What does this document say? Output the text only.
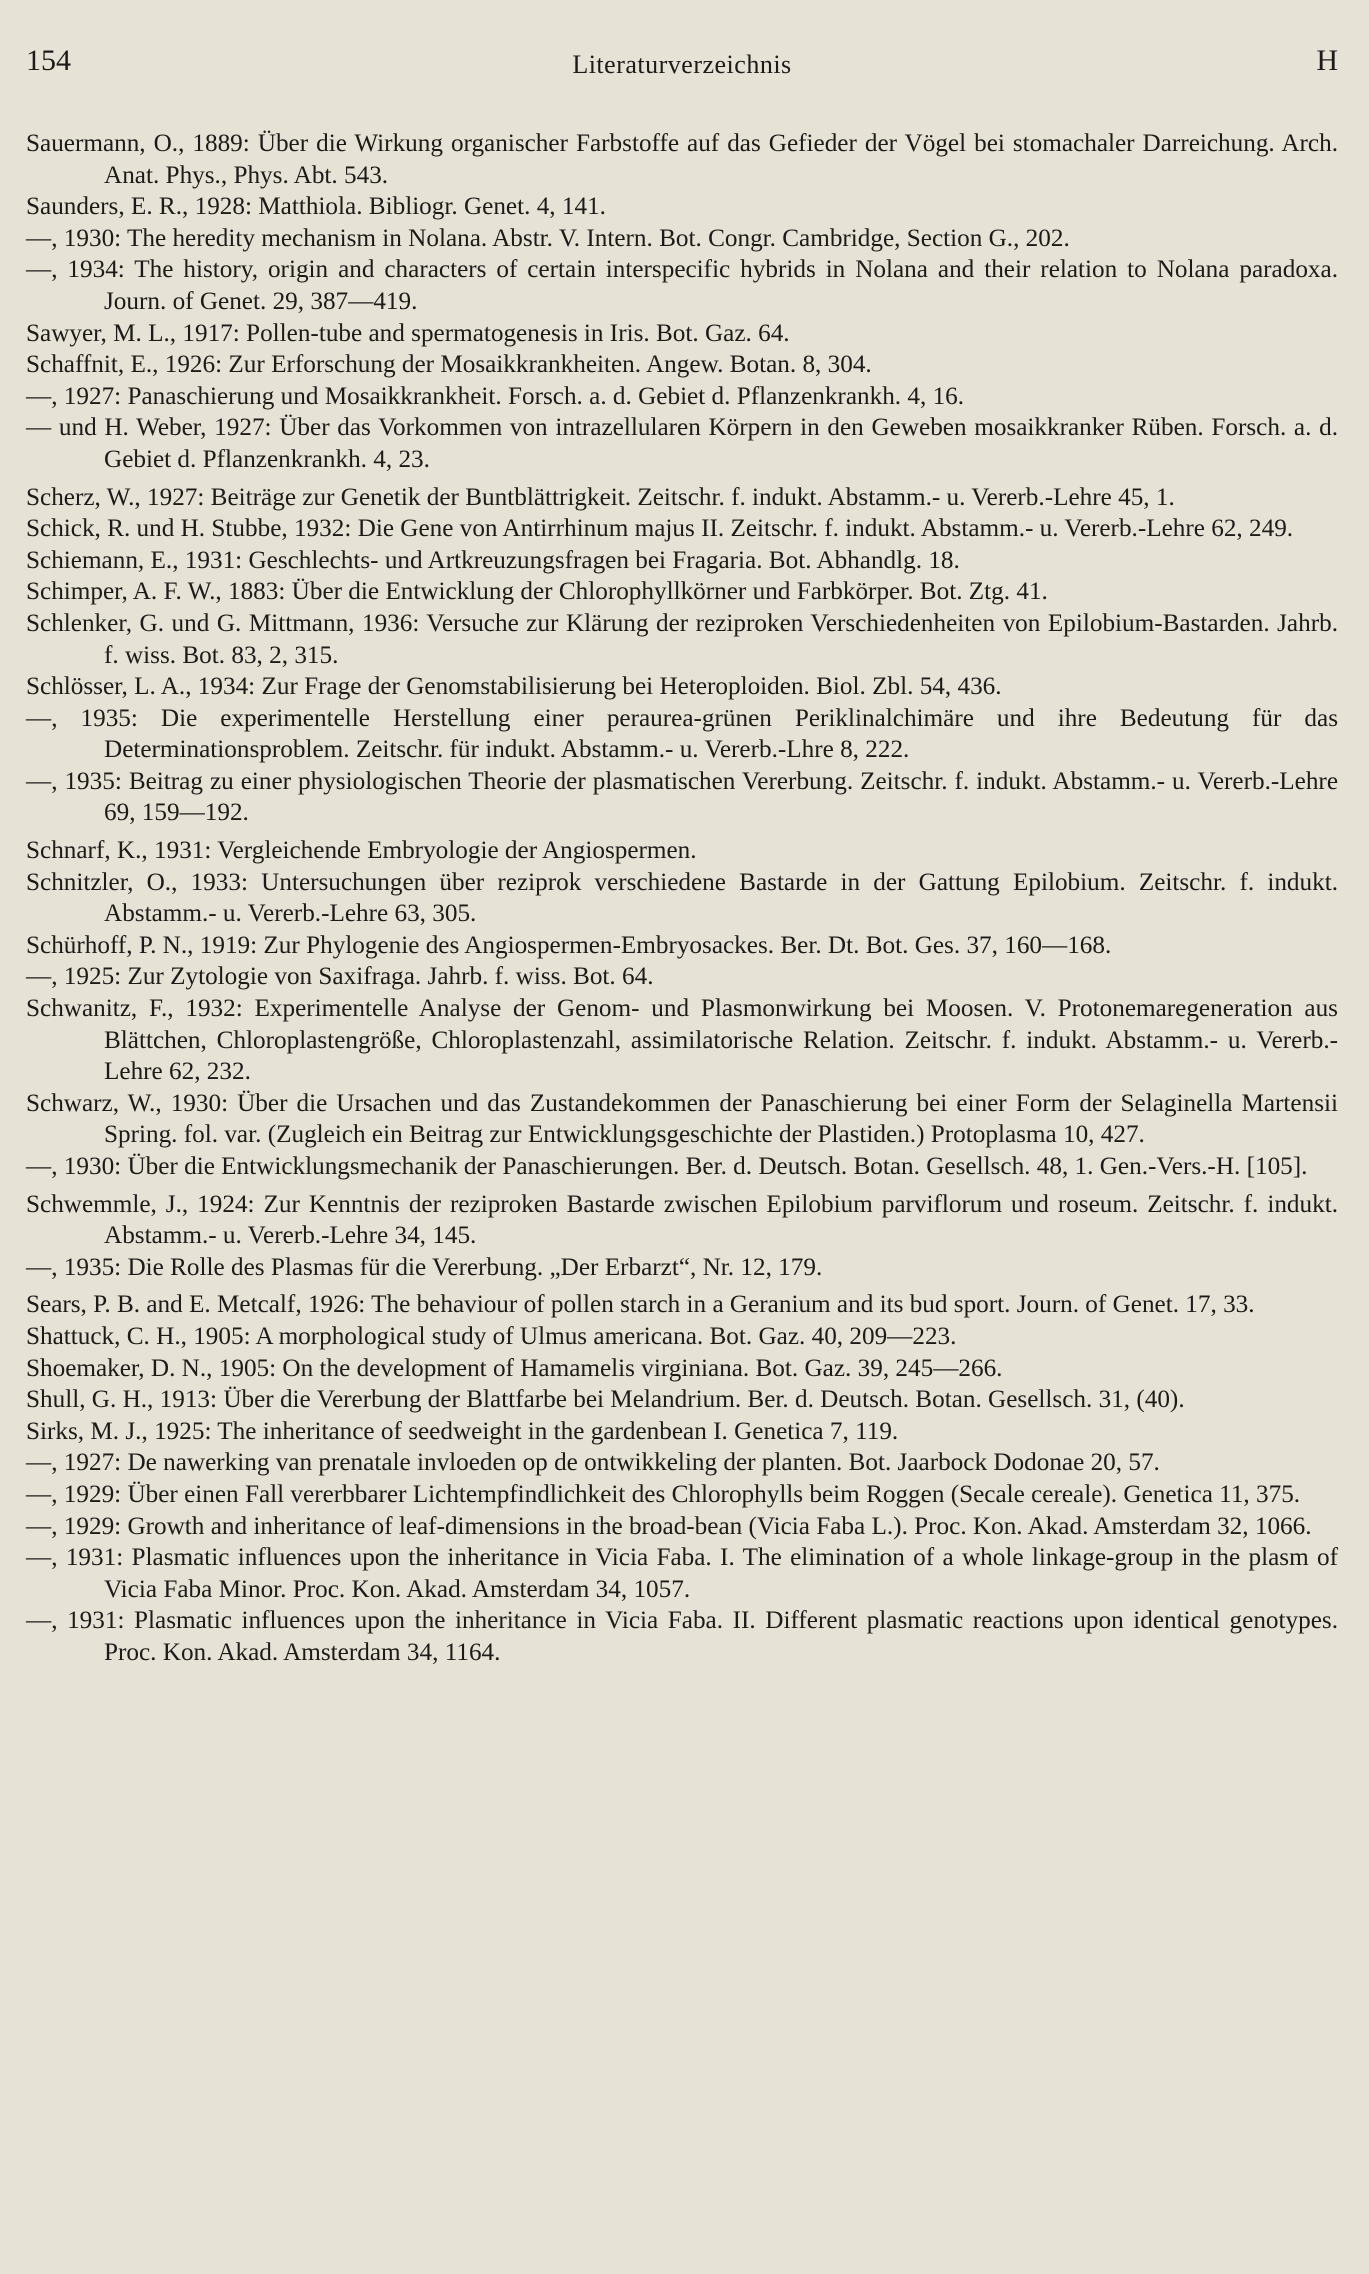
154	Literaturverzeichnis	H
Sauermann, O., 1889: Über die Wirkung organischer Farbstoffe auf das Gefieder der Vögel bei stomachaler Darreichung. Arch. Anat. Phys., Phys. Abt. 543.
Saunders, E. R., 1928: Matthiola. Bibliogr. Genet. 4, 141.
—, 1930: The heredity mechanism in Nolana. Abstr. V. Intern. Bot. Congr. Cambridge, Section G., 202.
—, 1934: The history, origin and characters of certain interspecific hybrids in Nolana and their relation to Nolana paradoxa. Journ. of Genet. 29, 387—419.
Sawyer, M. L., 1917: Pollen-tube and spermatogenesis in Iris. Bot. Gaz. 64.
Schaffnit, E., 1926: Zur Erforschung der Mosaikkrankheiten. Angew. Botan. 8, 304.
—, 1927: Panaschierung und Mosaikkrankheit. Forsch. a. d. Gebiet d. Pflanzenkrankh. 4, 16.
— und H. Weber, 1927: Über das Vorkommen von intrazellularen Körpern in den Geweben mosaikkranker Rüben. Forsch. a. d. Gebiet d. Pflanzenkrankh. 4, 23.
Scherz, W., 1927: Beiträge zur Genetik der Buntblättrigkeit. Zeitschr. f. indukt. Abstamm.- u. Vererb.-Lehre 45, 1.
Schick, R. und H. Stubbe, 1932: Die Gene von Antirrhinum majus II. Zeitschr. f. indukt. Abstamm.- u. Vererb.-Lehre 62, 249.
Schiemann, E., 1931: Geschlechts- und Artkreuzungsfragen bei Fragaria. Bot. Abhandlg. 18.
Schimper, A. F. W., 1883: Über die Entwicklung der Chlorophyllkörner und Farbkörper. Bot. Ztg. 41.
Schlenker, G. und G. Mittmann, 1936: Versuche zur Klärung der reziproken Verschiedenheiten von Epilobium-Bastarden. Jahrb. f. wiss. Bot. 83, 2, 315.
Schlösser, L. A., 1934: Zur Frage der Genomstabilisierung bei Heteroploiden. Biol. Zbl. 54, 436.
—, 1935: Die experimentelle Herstellung einer peraurea-grünen Periklinalchimäre und ihre Bedeutung für das Determinationsproblem. Zeitschr. für indukt. Abstamm.- u. Vererb.-Lhre 8, 222.
—, 1935: Beitrag zu einer physiologischen Theorie der plasmatischen Vererbung. Zeitschr. f. indukt. Abstamm.- u. Vererb.-Lehre 69, 159—192.
Schnarf, K., 1931: Vergleichende Embryologie der Angiospermen.
Schnitzler, O., 1933: Untersuchungen über reziprok verschiedene Bastarde in der Gattung Epilobium. Zeitschr. f. indukt. Abstamm.- u. Vererb.-Lehre 63, 305.
Schürhoff, P. N., 1919: Zur Phylogenie des Angiospermen-Embryosackes. Ber. Dt. Bot. Ges. 37, 160—168.
—, 1925: Zur Zytologie von Saxifraga. Jahrb. f. wiss. Bot. 64.
Schwanitz, F., 1932: Experimentelle Analyse der Genom- und Plasmonwirkung bei Moosen. V. Protonemaregeneration aus Blättchen, Chloroplastengröße, Chloroplastenzahl, assimilatorische Relation. Zeitschr. f. indukt. Abstamm.- u. Vererb.-Lehre 62, 232.
Schwarz, W., 1930: Über die Ursachen und das Zustandekommen der Panaschierung bei einer Form der Selaginella Martensii Spring. fol. var. (Zugleich ein Beitrag zur Entwicklungsgeschichte der Plastiden.) Protoplasma 10, 427.
—, 1930: Über die Entwicklungsmechanik der Panaschierungen. Ber. d. Deutsch. Botan. Gesellsch. 48, 1. Gen.-Vers.-H. [105].
Schwemmle, J., 1924: Zur Kenntnis der reziproken Bastarde zwischen Epilobium parviflorum und roseum. Zeitschr. f. indukt. Abstamm.- u. Vererb.-Lehre 34, 145.
—, 1935: Die Rolle des Plasmas für die Vererbung. „Der Erbarzt“, Nr. 12, 179.
Sears, P. B. and E. Metcalf, 1926: The behaviour of pollen starch in a Geranium and its bud sport. Journ. of Genet. 17, 33.
Shattuck, C. H., 1905: A morphological study of Ulmus americana. Bot. Gaz. 40, 209—223.
Shoemaker, D. N., 1905: On the development of Hamamelis virginiana. Bot. Gaz. 39, 245—266.
Shull, G. H., 1913: Über die Vererbung der Blattfarbe bei Melandrium. Ber. d. Deutsch. Botan. Gesellsch. 31, (40).
Sirks, M. J., 1925: The inheritance of seedweight in the gardenbean I. Genetica 7, 119.
—, 1927: De nawerking van prenatale invloeden op de ontwikkeling der planten. Bot. Jaarbock Dodonae 20, 57.
—, 1929: Über einen Fall vererbbarer Lichtempfindlichkeit des Chlorophylls beim Roggen (Secale cereale). Genetica 11, 375.
—, 1929: Growth and inheritance of leaf-dimensions in the broad-bean (Vicia Faba L.). Proc. Kon. Akad. Amsterdam 32, 1066.
—, 1931: Plasmatic influences upon the inheritance in Vicia Faba. I. The elimination of a whole linkage-group in the plasm of Vicia Faba Minor. Proc. Kon. Akad. Amsterdam 34, 1057.
—, 1931: Plasmatic influences upon the inheritance in Vicia Faba. II. Different plasmatic reactions upon identical genotypes. Proc. Kon. Akad. Amsterdam 34, 1164.
